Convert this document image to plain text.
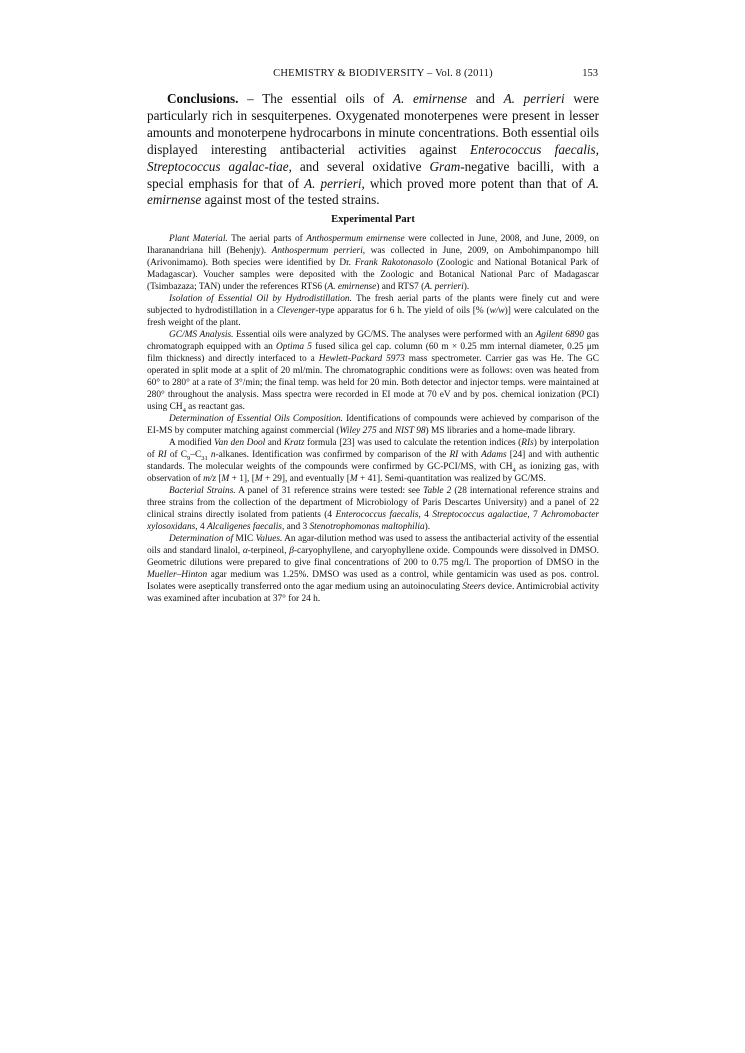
CHEMISTRY & BIODIVERSITY – Vol. 8 (2011)	153

Conclusions. – The essential oils of A. emirnense and A. perrieri were particularly rich in sesquiterpenes. Oxygenated monoterpenes were present in lesser amounts and monoterpene hydrocarbons in minute concentrations. Both essential oils displayed interesting antibacterial activities against Enterococcus faecalis, Streptococcus agalac-tiae, and several oxidative Gram-negative bacilli, with a special emphasis for that of A. perrieri, which proved more potent than that of A. emirnense against most of the tested strains.

Experimental Part

Plant Material. The aerial parts of Anthospermum emirnense were collected in June, 2008, and June, 2009, on Iharanandriana hill (Behenjy). Anthospermum perrieri, was collected in June, 2009, on Ambohimpanompo hill (Arivonimamo). Both species were identified by Dr. Frank Rakotonasolo (Zoologic and National Botanical Park of Madagascar). Voucher samples were deposited with the Zoologic and Botanical National Parc of Madagascar (Tsimbazaza; TAN) under the references RTS6 (A. emirnense) and RTS7 (A. perrieri).

Isolation of Essential Oil by Hydrodistillation. The fresh aerial parts of the plants were finely cut and were subjected to hydrodistillation in a Clevenger-type apparatus for 6 h. The yield of oils [% (w/w)] were calculated on the fresh weight of the plant.

GC/MS Analysis. Essential oils were analyzed by GC/MS. The analyses were performed with an Agilent 6890 gas chromatograph equipped with an Optima 5 fused silica gel cap. column (60 m × 0.25 mm internal diameter, 0.25 μm film thickness) and directly interfaced to a Hewlett-Packard 5973 mass spectrometer. Carrier gas was He. The GC operated in split mode at a split of 20 ml/min. The chromatographic conditions were as follows: oven was heated from 60° to 280° at a rate of 3°/min; the final temp. was held for 20 min. Both detector and injector temps. were maintained at 280° throughout the analysis. Mass spectra were recorded in EI mode at 70 eV and by pos. chemical ionization (PCI) using $CH_4$ as reactant gas.

Determination of Essential Oils Composition. Identifications of compounds were achieved by comparison of the EI-MS by computer matching against commercial (Wiley 275 and NIST 98) MS libraries and a home-made library.

A modified Van den Dool and Kratz formula [23] was used to calculate the retention indices (RIs) by interpolation of RI of $C_9-C_{31}$ n-alkanes. Identification was confirmed by comparison of the RI with Adams [24] and with authentic standards. The molecular weights of the compounds were confirmed by GC-PCI/MS, with $CH_4$ as ionizing gas, with observation of m/z [M + 1], [M + 29], and eventually [M + 41]. Semi-quantitation was realized by GC/MS.

Bacterial Strains. A panel of 31 reference strains were tested: see Table 2 (28 international reference strains and three strains from the collection of the department of Microbiology of Paris Descartes University) and a panel of 22 clinical strains directly isolated from patients (4 Enterococcus faecalis, 4 Streptococcus agalactiae, 7 Achromobacter xylosoxidans, 4 Alcaligenes faecalis, and 3 Stenotrophomonas maltophilia).

Determination of MIC Values. An agar-dilution method was used to assess the antibacterial activity of the essential oils and standard linalol, α-terpineol, β-caryophyllene, and caryophyllene oxide. Compounds were dissolved in DMSO. Geometric dilutions were prepared to give final concentrations of 200 to 0.75 mg/l. The proportion of DMSO in the Mueller–Hinton agar medium was 1.25%. DMSO was used as a control, while gentamicin was used as pos. control. Isolates were aseptically transferred onto the agar medium using an autoinoculating Steers device. Antimicrobial activity was examined after incubation at 37° for 24 h.
